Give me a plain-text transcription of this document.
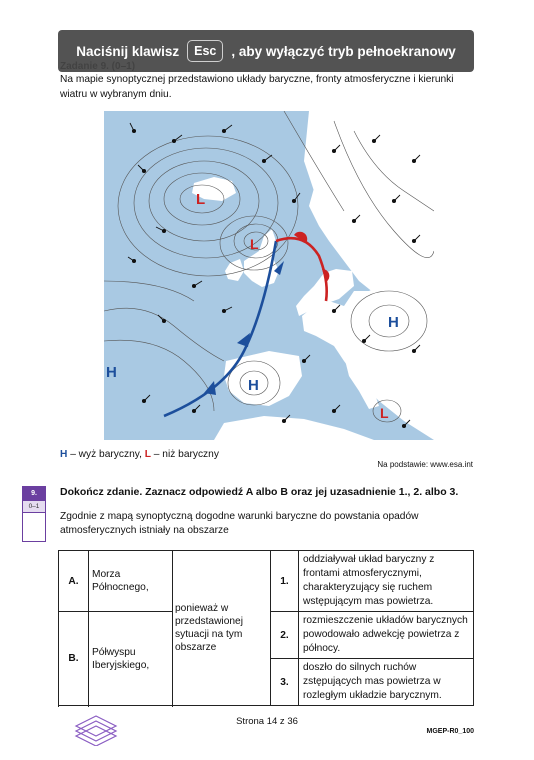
Naciśnij klawisz	Esc	, aby wyłączyć tryb pełnoekranowy
Na mapie synoptycznej przedstawiono układy baryczne, fronty atmosferyczne i kierunki wiatru w wybranym dniu.
L
L
H
H
H
L
H – wyż baryczny, L – niż baryczny
Na podstawie: www.esa.int
9.
0–1
Dokończ zdanie. Zaznacz odpowiedź A albo B oraz jej uzasadnienie 1., 2. albo 3.
Zgodnie z mapą synoptyczną dogodne warunki baryczne do powstania opadów atmosferycznych istniały na obszarze
A.	Morza Północnego,	ponieważ w przedstawionej sytuacji na tym obszarze	1.	oddziaływał układ baryczny z frontami atmosferycznymi, charakteryzujący się ruchem wstępującym mas powietrza.

B.	Półwyspu Iberyjskiego,		2.	rozmieszczenie układów barycznych powodowało adwekcję powietrza z północy.
			3.	doszło do silnych ruchów zstępujących mas powietrza w rozległym układzie barycznym.

Strona 14 z 36
MGEP-R0_100
